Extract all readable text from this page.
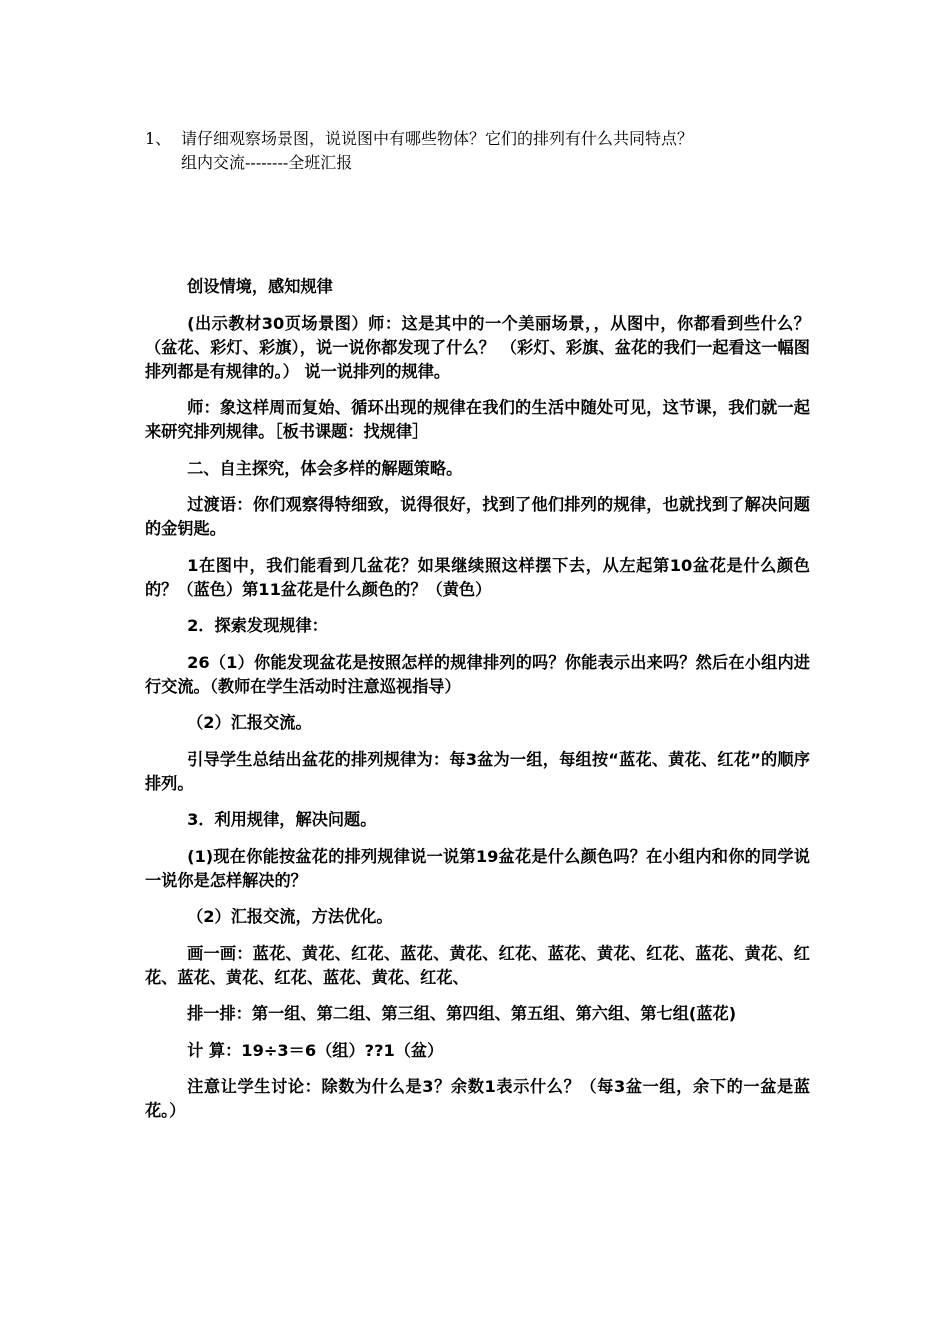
1、 请仔细观察场景图，说说图中有哪些物体？它们的排列有什么共同特点？
组内交流--------全班汇报

创设情境，感知规律

(出示教材30页场景图）师：这是其中的一个美丽场景，，从图中，你都看到些什么？（盆花、彩灯、彩旗），说一说你都发现了什么？ （彩灯、彩旗、盆花的我们一起看这一幅图排列都是有规律的。） 说一说排列的规律。

师：象这样周而复始、循环出现的规律在我们的生活中随处可见，这节课，我们就一起来研究排列规律。［板书课题：找规律］

二、自主探究，体会多样的解题策略。

过渡语：你们观察得特细致，说得很好，找到了他们排列的规律，也就找到了解决问题的金钥匙。

1在图中，我们能看到几盆花？如果继续照这样摆下去，从左起第10盆花是什么颜色的？（蓝色）第11盆花是什么颜色的？（黄色）

2．探索发现规律：

26（1）你能发现盆花是按照怎样的规律排列的吗？你能表示出来吗？然后在小组内进行交流。（教师在学生活动时注意巡视指导）

（2）汇报交流。

引导学生总结出盆花的排列规律为：每3盆为一组，每组按“蓝花、黄花、红花”的顺序排列。

3．利用规律，解决问题。

(1)现在你能按盆花的排列规律说一说第19盆花是什么颜色吗？在小组内和你的同学说一说你是怎样解决的？

（2）汇报交流，方法优化。

画一画：蓝花、黄花、红花、蓝花、黄花、红花、蓝花、黄花、红花、蓝花、黄花、红花、蓝花、黄花、红花、蓝花、黄花、红花、

排一排：第一组、第二组、第三组、第四组、第五组、第六组、第七组(蓝花)

计 算：19÷3＝6（组）??1（盆）

注意让学生讨论：除数为什么是3？余数1表示什么？（每3盆一组，余下的一盆是蓝花。）
